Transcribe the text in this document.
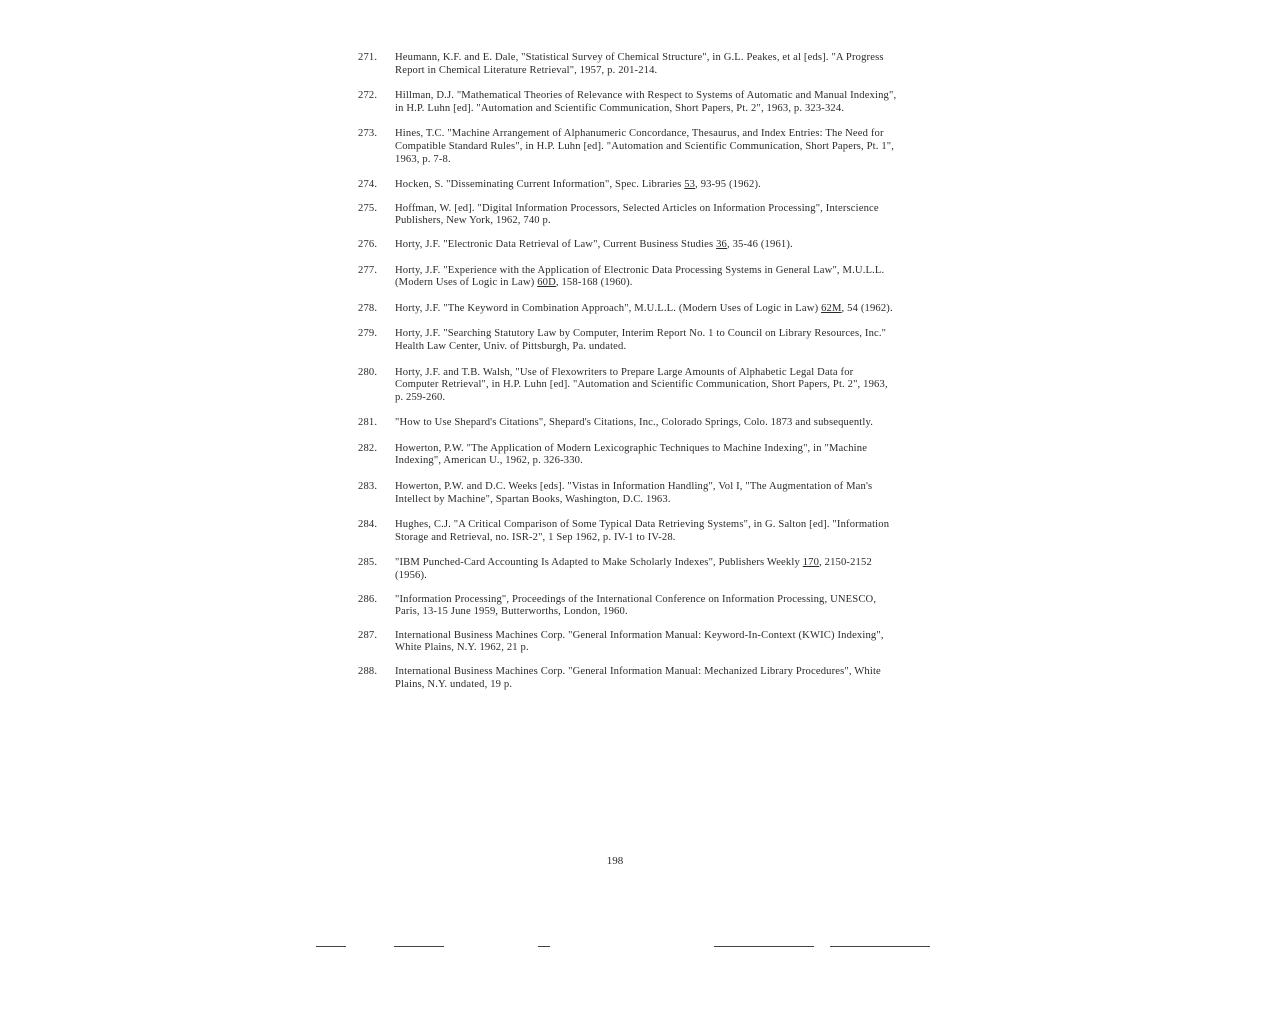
271.	Heumann, K.F. and E. Dale, "Statistical Survey of Chemical Structure", in G.L. Peakes, et al [eds]. "A Progress Report in Chemical Literature Retrieval", 1957, p. 201-214.
272.	Hillman, D.J. "Mathematical Theories of Relevance with Respect to Systems of Automatic and Manual Indexing", in H.P. Luhn [ed]. "Automation and Scientific Communication, Short Papers, Pt. 2", 1963, p. 323-324.
273.	Hines, T.C. "Machine Arrangement of Alphanumeric Concordance, Thesaurus, and Index Entries: The Need for Compatible Standard Rules", in H.P. Luhn [ed]. "Automation and Scientific Communication, Short Papers, Pt. 1", 1963, p. 7-8.
274.	Hocken, S. "Disseminating Current Information", Spec. Libraries 53, 93-95 (1962).
275.	Hoffman, W. [ed]. "Digital Information Processors, Selected Articles on Information Processing", Interscience Publishers, New York, 1962, 740 p.
276.	Horty, J.F. "Electronic Data Retrieval of Law", Current Business Studies 36, 35-46 (1961).
277.	Horty, J.F. "Experience with the Application of Electronic Data Processing Systems in General Law", M.U.L.L. (Modern Uses of Logic in Law) 60D, 158-168 (1960).
278.	Horty, J.F. "The Keyword in Combination Approach", M.U.L.L. (Modern Uses of Logic in Law) 62M, 54 (1962).
279.	Horty, J.F. "Searching Statutory Law by Computer, Interim Report No. 1 to Council on Library Resources, Inc." Health Law Center, Univ. of Pittsburgh, Pa. undated.
280.	Horty, J.F. and T.B. Walsh, "Use of Flexowriters to Prepare Large Amounts of Alphabetic Legal Data for Computer Retrieval", in H.P. Luhn [ed]. "Automation and Scientific Communication, Short Papers, Pt. 2", 1963, p. 259-260.
281.	"How to Use Shepard's Citations", Shepard's Citations, Inc., Colorado Springs, Colo. 1873 and subsequently.
282.	Howerton, P.W. "The Application of Modern Lexicographic Techniques to Machine Indexing", in "Machine Indexing", American U., 1962, p. 326-330.
283.	Howerton, P.W. and D.C. Weeks [eds]. "Vistas in Information Handling", Vol I, "The Augmentation of Man's Intellect by Machine", Spartan Books, Washington, D.C. 1963.
284.	Hughes, C.J. "A Critical Comparison of Some Typical Data Retrieving Systems", in G. Salton [ed]. "Information Storage and Retrieval, no. ISR-2", 1 Sep 1962, p. IV-1 to IV-28.
285.	"IBM Punched-Card Accounting Is Adapted to Make Scholarly Indexes", Publishers Weekly 170, 2150-2152 (1956).
286.	"Information Processing", Proceedings of the International Conference on Information Processing, UNESCO, Paris, 13-15 June 1959, Butterworths, London, 1960.
287.	International Business Machines Corp. "General Information Manual: Keyword-In-Context (KWIC) Indexing", White Plains, N.Y. 1962, 21 p.
288.	International Business Machines Corp. "General Information Manual: Mechanized Library Procedures", White Plains, N.Y. undated, 19 p.
198
